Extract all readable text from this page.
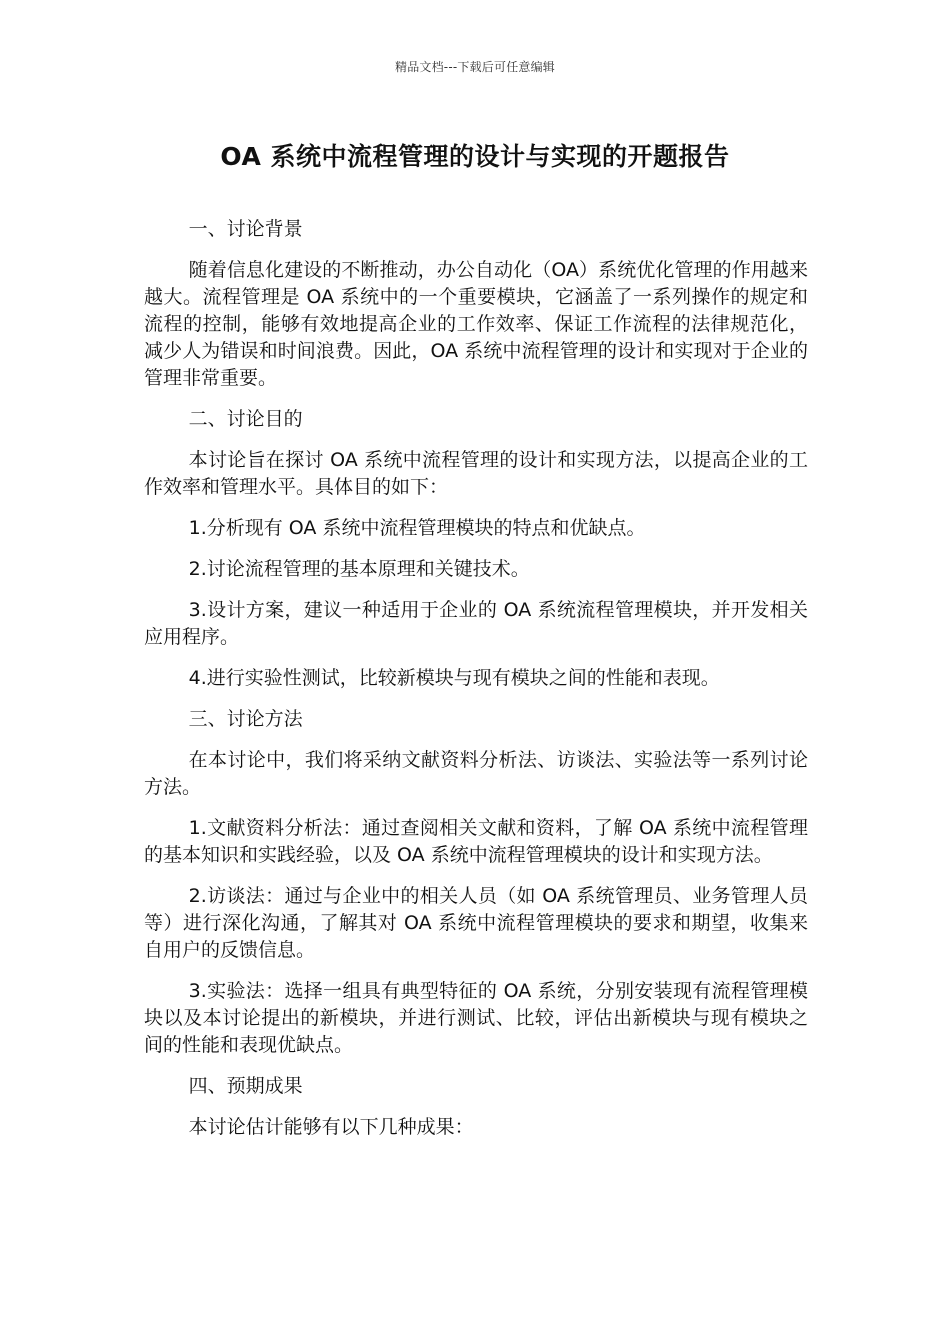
精品文档---下载后可任意编辑
OA 系统中流程管理的设计与实现的开题报告

一、讨论背景

随着信息化建设的不断推动，办公自动化（OA）系统优化管理的作用越来越大。流程管理是 OA 系统中的一个重要模块，它涵盖了一系列操作的规定和流程的控制，能够有效地提高企业的工作效率、保证工作流程的法律规范化，减少人为错误和时间浪费。因此，OA 系统中流程管理的设计和实现对于企业的管理非常重要。

二、讨论目的

本讨论旨在探讨 OA 系统中流程管理的设计和实现方法，以提高企业的工作效率和管理水平。具体目的如下：

1.分析现有 OA 系统中流程管理模块的特点和优缺点。

2.讨论流程管理的基本原理和关键技术。

3.设计方案，建议一种适用于企业的 OA 系统流程管理模块，并开发相关应用程序。

4.进行实验性测试，比较新模块与现有模块之间的性能和表现。

三、讨论方法

在本讨论中，我们将采纳文献资料分析法、访谈法、实验法等一系列讨论方法。

1.文献资料分析法：通过查阅相关文献和资料，了解 OA 系统中流程管理的基本知识和实践经验，以及 OA 系统中流程管理模块的设计和实现方法。

2.访谈法：通过与企业中的相关人员（如 OA 系统管理员、业务管理人员等）进行深化沟通，了解其对 OA 系统中流程管理模块的要求和期望，收集来自用户的反馈信息。

3.实验法：选择一组具有典型特征的 OA 系统，分别安装现有流程管理模块以及本讨论提出的新模块，并进行测试、比较，评估出新模块与现有模块之间的性能和表现优缺点。

四、预期成果

本讨论估计能够有以下几种成果：
